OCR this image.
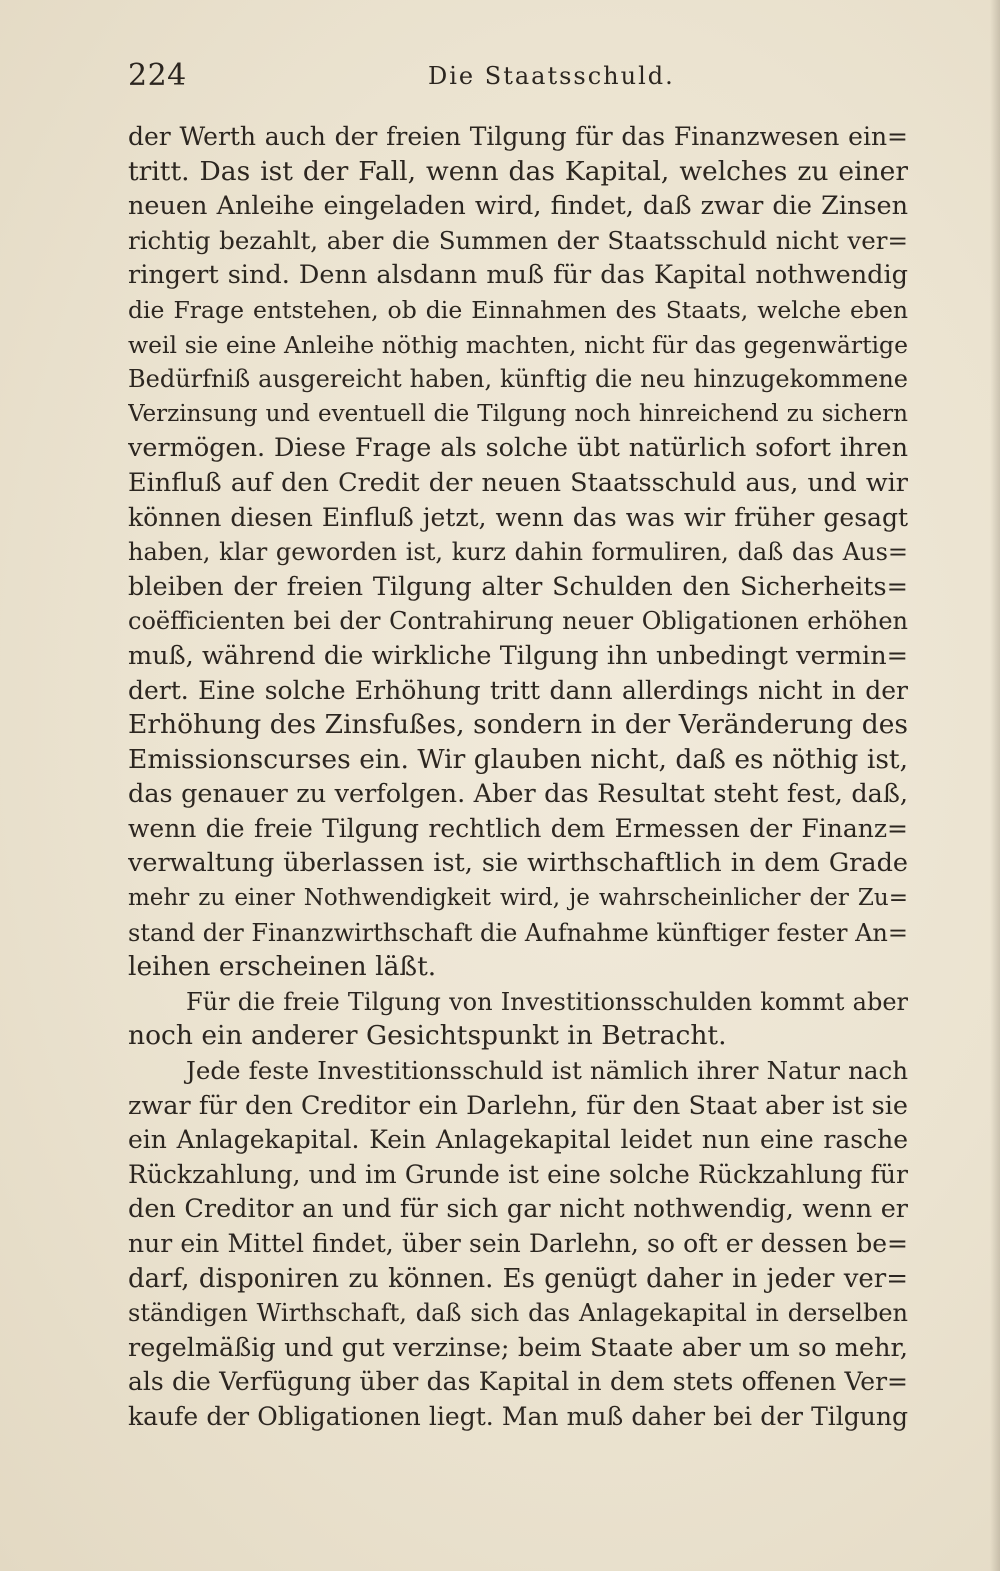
224	Die Staatsschuld.
der Werth auch der freien Tilgung für das Finanzwesen ein=
tritt. Das ist der Fall, wenn das Kapital, welches zu einer
neuen Anleihe eingeladen wird, findet, daß zwar die Zinsen
richtig bezahlt, aber die Summen der Staatsschuld nicht ver=
ringert sind. Denn alsdann muß für das Kapital nothwendig
die Frage entstehen, ob die Einnahmen des Staats, welche eben
weil sie eine Anleihe nöthig machten, nicht für das gegenwärtige
Bedürfniß ausgereicht haben, künftig die neu hinzugekommene
Verzinsung und eventuell die Tilgung noch hinreichend zu sichern
vermögen. Diese Frage als solche übt natürlich sofort ihren
Einfluß auf den Credit der neuen Staatsschuld aus, und wir
können diesen Einfluß jetzt, wenn das was wir früher gesagt
haben, klar geworden ist, kurz dahin formuliren, daß das Aus=
bleiben der freien Tilgung alter Schulden den Sicherheits=
coëfficienten bei der Contrahirung neuer Obligationen erhöhen
muß, während die wirkliche Tilgung ihn unbedingt vermin=
dert. Eine solche Erhöhung tritt dann allerdings nicht in der
Erhöhung des Zinsfußes, sondern in der Veränderung des
Emissionscurses ein. Wir glauben nicht, daß es nöthig ist,
das genauer zu verfolgen. Aber das Resultat steht fest, daß,
wenn die freie Tilgung rechtlich dem Ermessen der Finanz=
verwaltung überlassen ist, sie wirthschaftlich in dem Grade
mehr zu einer Nothwendigkeit wird, je wahrscheinlicher der Zu=
stand der Finanzwirthschaft die Aufnahme künftiger fester An=
leihen erscheinen läßt.
Für die freie Tilgung von Investitionsschulden kommt aber
noch ein anderer Gesichtspunkt in Betracht.
Jede feste Investitionsschuld ist nämlich ihrer Natur nach
zwar für den Creditor ein Darlehn, für den Staat aber ist sie
ein Anlagekapital. Kein Anlagekapital leidet nun eine rasche
Rückzahlung, und im Grunde ist eine solche Rückzahlung für
den Creditor an und für sich gar nicht nothwendig, wenn er
nur ein Mittel findet, über sein Darlehn, so oft er dessen be=
darf, disponiren zu können. Es genügt daher in jeder ver=
ständigen Wirthschaft, daß sich das Anlagekapital in derselben
regelmäßig und gut verzinse; beim Staate aber um so mehr,
als die Verfügung über das Kapital in dem stets offenen Ver=
kaufe der Obligationen liegt. Man muß daher bei der Tilgung
